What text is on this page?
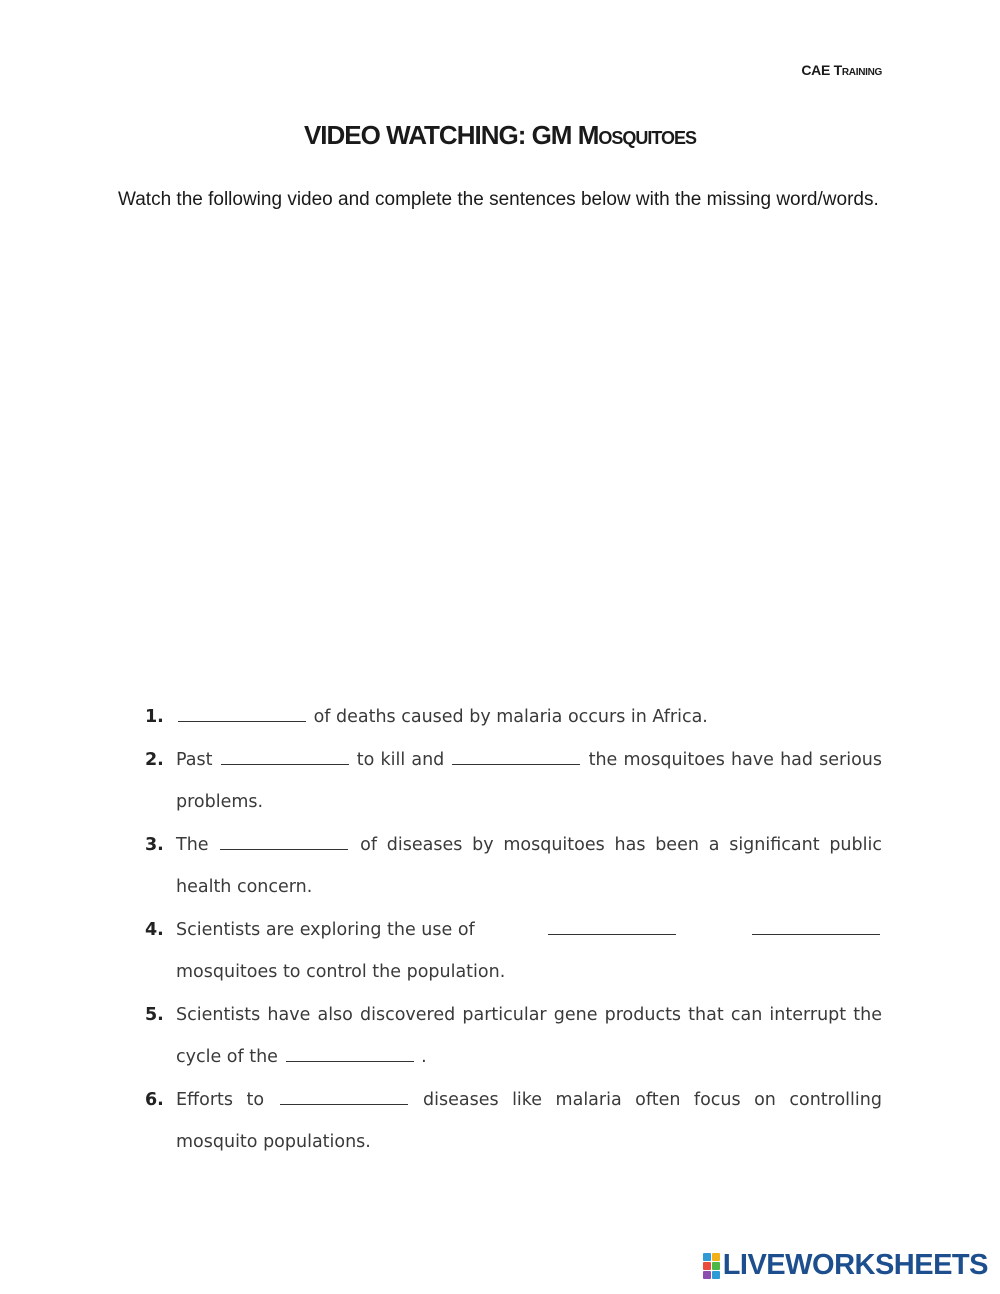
CAE Training
VIDEO WATCHING: GM Mosquitoes
Watch the following video and complete the sentences below with the missing word/words.
1.	of deaths caused by malaria occurs in Africa.
2. Past	to kill and	the mosquitoes have had serious problems.
3. The	of diseases by mosquitoes has been a significant public health concern.
4. Scientists are exploring the use of
mosquitoes to control the population.
5. Scientists have also discovered particular gene products that can interrupt the cycle of the	.
6. Efforts to	diseases like malaria often focus on controlling mosquito populations.
LIVEWORKSHEETS
